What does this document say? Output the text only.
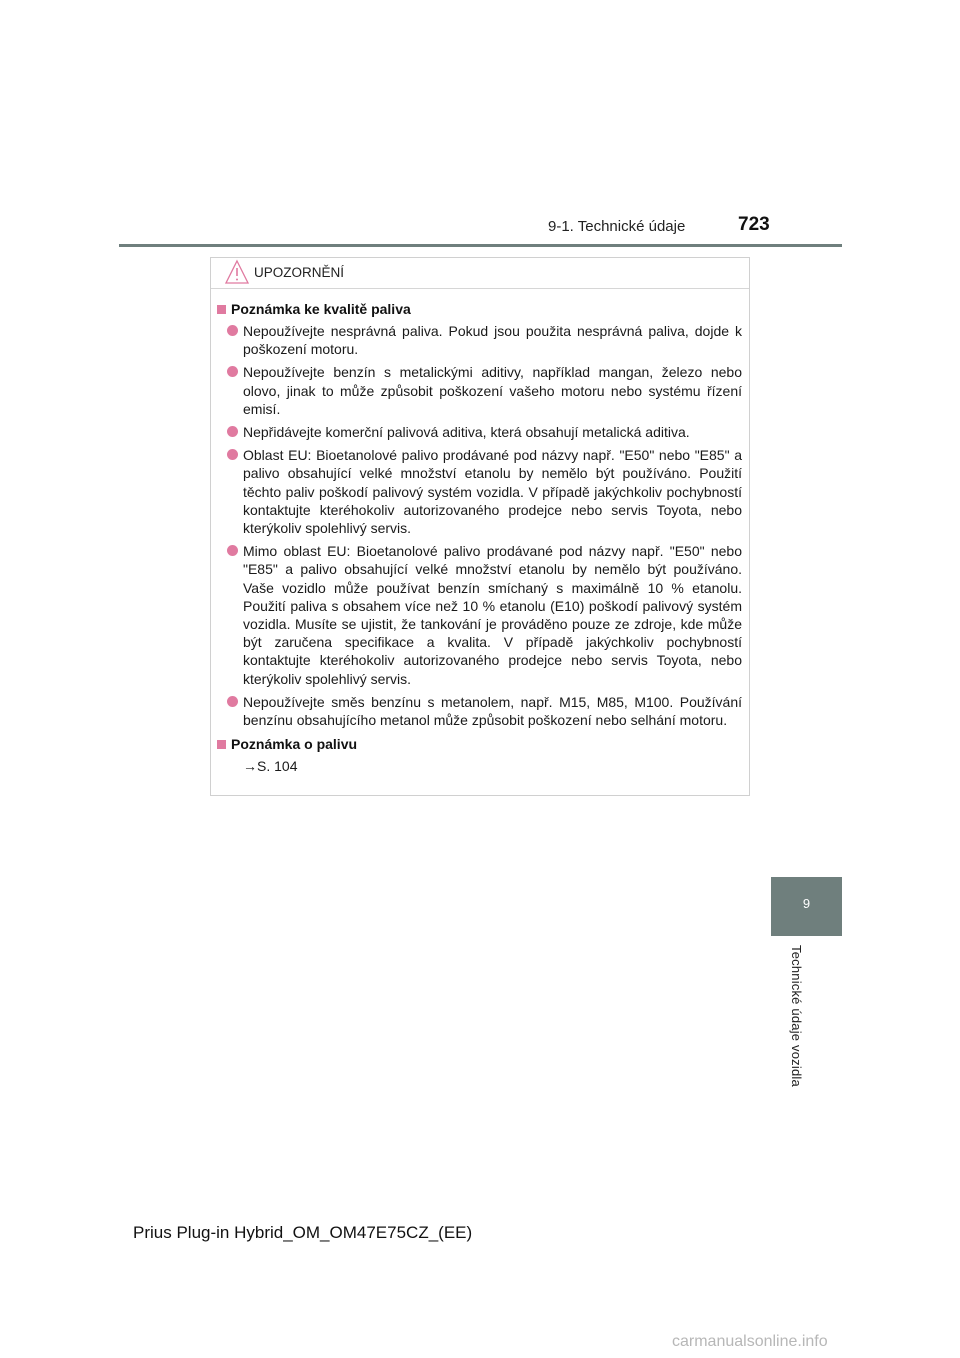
9-1. Technické údaje	723
9
Technické údaje vozidla
UPOZORNĚNÍ
Poznámka ke kvalitě paliva
Nepoužívejte nesprávná paliva. Pokud jsou použita nesprávná paliva, dojde k poškození motoru.
Nepoužívejte benzín s metalickými aditivy, například mangan, železo nebo olovo, jinak to může způsobit poškození vašeho motoru nebo systému řízení emisí.
Nepřidávejte komerční palivová aditiva, která obsahují metalická aditiva.
Oblast EU: Bioetanolové palivo prodávané pod názvy např. "E50" nebo "E85" a palivo obsahující velké množství etanolu by nemělo být používáno. Použití těchto paliv poškodí palivový systém vozidla. V případě jakýchkoliv pochybností kontaktujte kteréhokoliv autorizovaného prodejce nebo servis Toyota, nebo kterýkoliv spolehlivý servis.
Mimo oblast EU: Bioetanolové palivo prodávané pod názvy např. "E50" nebo "E85" a palivo obsahující velké množství etanolu by nemělo být používáno. Vaše vozidlo může používat benzín smíchaný s maximálně 10 % etanolu. Použití paliva s obsahem více než 10 % etanolu (E10) poškodí palivový systém vozidla. Musíte se ujistit, že tankování je prováděno pouze ze zdroje, kde může být zaručena specifikace a kvalita. V případě jakýchkoliv pochybností kontaktujte kteréhokoliv autorizovaného prodejce nebo servis Toyota, nebo kterýkoliv spolehlivý servis.
Nepoužívejte směs benzínu s metanolem, např. M15, M85, M100. Používání benzínu obsahujícího metanol může způsobit poškození nebo selhání motoru.
Poznámka o palivu
→S. 104
Prius Plug-in Hybrid_OM_OM47E75CZ_(EE)
carmanualsonline.info
